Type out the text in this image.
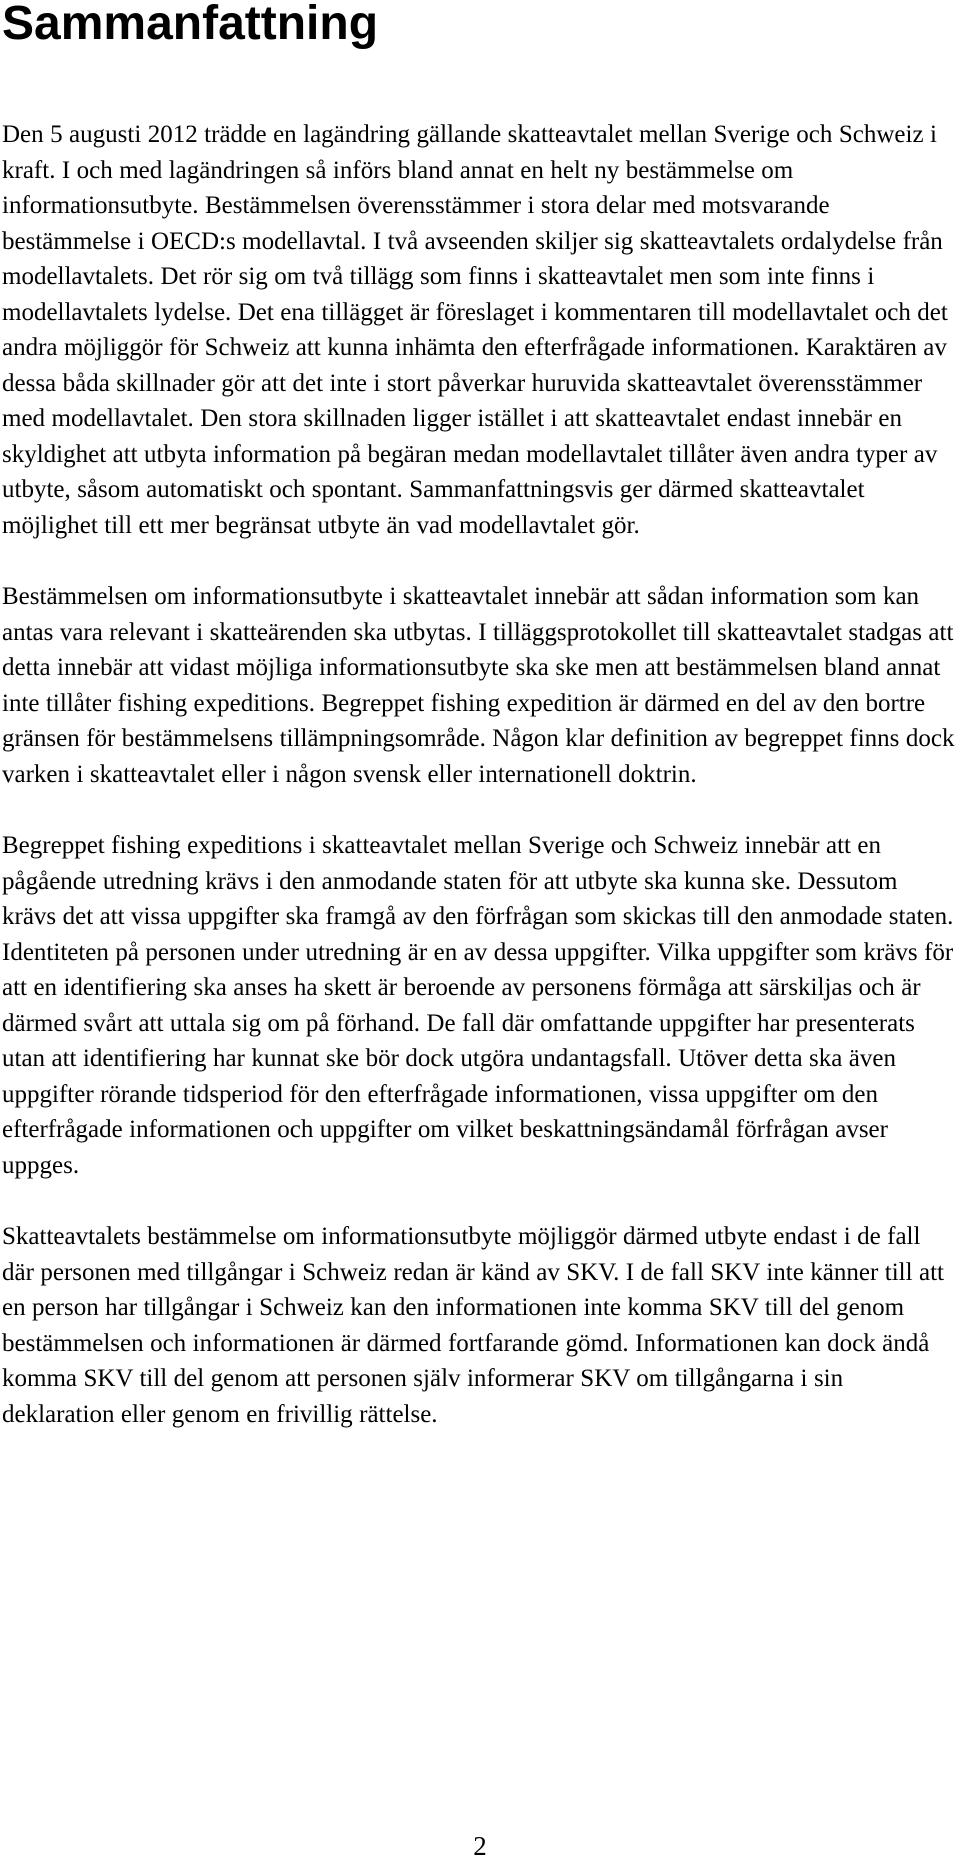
Sammanfattning

Den 5 augusti 2012 trädde en lagändring gällande skatteavtalet mellan Sverige och Schweiz i kraft. I och med lagändringen så införs bland annat en helt ny bestämmelse om informationsutbyte. Bestämmelsen överensstämmer i stora delar med motsvarande bestämmelse i OECD:s modellavtal. I två avseenden skiljer sig skatteavtalets ordalydelse från modellavtalets. Det rör sig om två tillägg som finns i skatteavtalet men som inte finns i modellavtalets lydelse. Det ena tillägget är föreslaget i kommentaren till modellavtalet och det andra möjliggör för Schweiz att kunna inhämta den efterfrågade informationen. Karaktären av dessa båda skillnader gör att det inte i stort påverkar huruvida skatteavtalet överensstämmer med modellavtalet. Den stora skillnaden ligger istället i att skatteavtalet endast innebär en skyldighet att utbyta information på begäran medan modellavtalet tillåter även andra typer av utbyte, såsom automatiskt och spontant. Sammanfattningsvis ger därmed skatteavtalet möjlighet till ett mer begränsat utbyte än vad modellavtalet gör.

Bestämmelsen om informationsutbyte i skatteavtalet innebär att sådan information som kan antas vara relevant i skatteärenden ska utbytas. I tilläggsprotokollet till skatteavtalet stadgas att detta innebär att vidast möjliga informationsutbyte ska ske men att bestämmelsen bland annat inte tillåter fishing expeditions. Begreppet fishing expedition är därmed en del av den bortre gränsen för bestämmelsens tillämpningsområde. Någon klar definition av begreppet finns dock varken i skatteavtalet eller i någon svensk eller internationell doktrin.

Begreppet fishing expeditions i skatteavtalet mellan Sverige och Schweiz innebär att en pågående utredning krävs i den anmodande staten för att utbyte ska kunna ske. Dessutom krävs det att vissa uppgifter ska framgå av den förfrågan som skickas till den anmodade staten. Identiteten på personen under utredning är en av dessa uppgifter. Vilka uppgifter som krävs för att en identifiering ska anses ha skett är beroende av personens förmåga att särskiljas och är därmed svårt att uttala sig om på förhand. De fall där omfattande uppgifter har presenterats utan att identifiering har kunnat ske bör dock utgöra undantagsfall. Utöver detta ska även uppgifter rörande tidsperiod för den efterfrågade informationen, vissa uppgifter om den efterfrågade informationen och uppgifter om vilket beskattningsändamål förfrågan avser uppges.

Skatteavtalets bestämmelse om informationsutbyte möjliggör därmed utbyte endast i de fall där personen med tillgångar i Schweiz redan är känd av SKV. I de fall SKV inte känner till att en person har tillgångar i Schweiz kan den informationen inte komma SKV till del genom bestämmelsen och informationen är därmed fortfarande gömd. Informationen kan dock ändå komma SKV till del genom att personen själv informerar SKV om tillgångarna i sin deklaration eller genom en frivillig rättelse.

2
